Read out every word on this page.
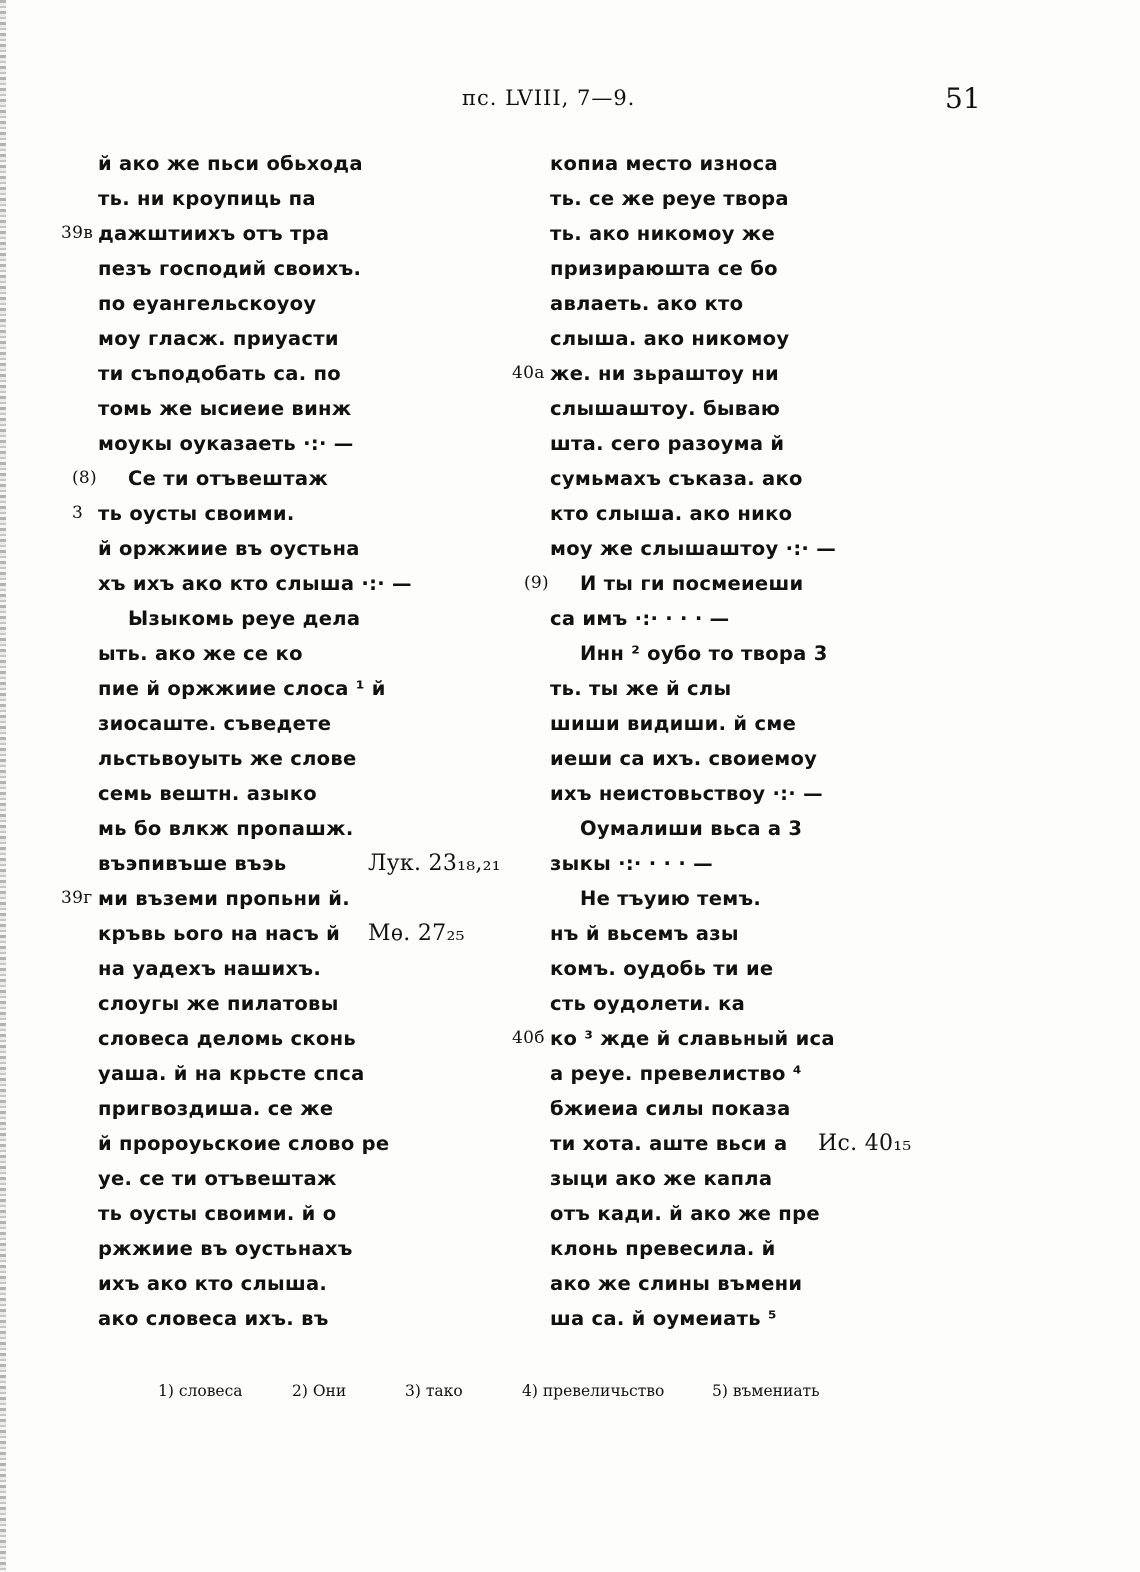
пс. LVIII, 7—9.	51
й ако же пьси обьхода
ть. ни кроупиць па
дажштиихъ отъ тра
39в
пезъ господий своихъ.
по еуангельскоуоу
моу гласж. приуасти
ти съподобать са. по
томь же ысиеие винж
моукы оуказаеть ·:· —
Се ти отъвештаж
(8)
ть оусты своими.
3
й оржжиие въ оустьна
хъ ихъ ако кто слыша ·:· —
Ызыкомь реуе дела
ыть. ако же се ко
пие й оржжиие слоса ¹ й
зиосаште. съведете
льстьвоуыть же слове
семь вештн. азыко
мь бо влкж пропашж.
въэпивъше въэь	Лук. 23₁₈,₂₁
ми въземи пропьни й.
39г
кръвь ього на насъ й Мѳ. 27₂₅
на уадехъ нашихъ.
слоугы же пилатовы
словеса деломь сконь
уаша. й на крьсте спса
пригвоздиша. се же
й пророуьскоие слово ре
уе. се ти отъвештаж
ть оусты своими. й о
ржжиие въ оустьнахъ
ихъ ако кто слыша.
ако словеса ихъ. въ
копиа место износа
ть. се же реуе твора
ть. ако никомоу же
призираюшта се бо
авлаеть. ако кто
слыша. ако никомоу
же. ни зьраштоу ни
40а
слышаштоу. бываю
шта. сего разоума й
сумьмахъ съказа. ако
кто слыша. ако нико
моу же слышаштоу ·:· —
И ты ги посмеиеши
(9)
са имъ ·:· · · · —
Инн ² оубо то твора 3
ть. ты же й слы
шиши видиши. й сме
иеши са ихъ. своиемоу
ихъ неистовьствоу ·:· —
Оумалиши вьса а 3
зыкы ·:· · · · —
Не тъуию темъ.
нъ й вьсемъ азы
комъ. оудобь ти ие
сть оудолети. ка
ко ³ жде й славьный иса
40б
а реуе. превелиство ⁴
бжиеиа силы показа
ти хота. аште вьси а Ис. 40₁₅
зыци ако же капла
отъ кади. й ако же пре
клонь превесила. й
ако же слины въмени
ша са. й оумеиать ⁵
1) словеса	2) Они	3) тако	4) превеличьство	5) въмениать
